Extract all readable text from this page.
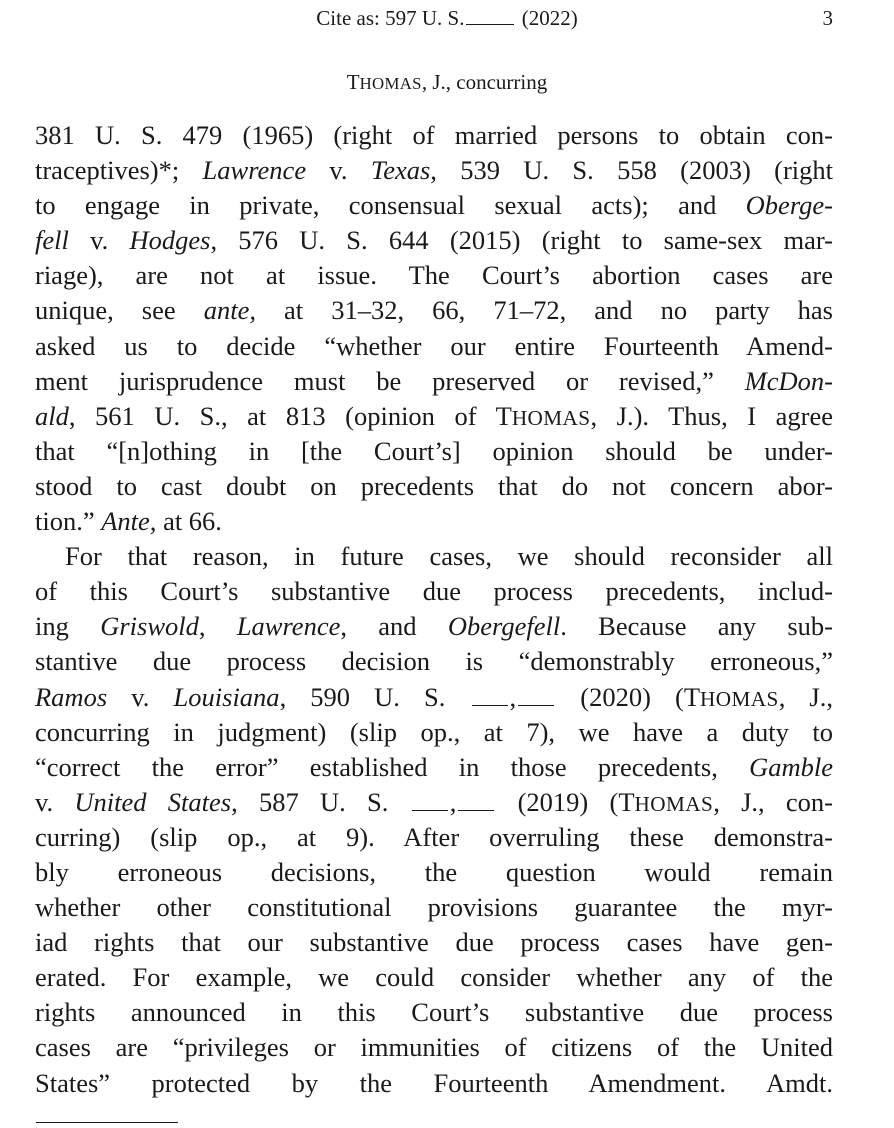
Cite as: 597 U. S.	(2022)	3
THOMAS, J., concurring
381 U. S. 479 (1965) (right of married persons to obtain con-
traceptives)*; Lawrence v. Texas, 539 U. S. 558 (2003) (right
to engage in private, consensual sexual acts); and Oberge-
fell v. Hodges, 576 U. S. 644 (2015) (right to same-sex mar-
riage), are not at issue. The Court’s abortion cases are
unique, see ante, at 31–32, 66, 71–72, and no party has
asked us to decide “whether our entire Fourteenth Amend-
ment jurisprudence must be preserved or revised,” McDon-
ald, 561 U. S., at 813 (opinion of THOMAS, J.). Thus, I agree
that “[n]othing in [the Court’s] opinion should be under-
stood to cast doubt on precedents that do not concern abor-
tion.” Ante, at 66.
For that reason, in future cases, we should reconsider all
of this Court’s substantive due process precedents, includ-
ing Griswold, Lawrence, and Obergefell. Because any sub-
stantive due process decision is “demonstrably erroneous,”
Ramos v. Louisiana, 590 U. S. , (2020) (THOMAS, J.,
concurring in judgment) (slip op., at 7), we have a duty to
“correct the error” established in those precedents, Gamble
v. United States, 587 U. S. , (2019) (THOMAS, J., con-
curring) (slip op., at 9). After overruling these demonstra-
bly erroneous decisions, the question would remain
whether other constitutional provisions guarantee the myr-
iad rights that our substantive due process cases have gen-
erated. For example, we could consider whether any of the
rights announced in this Court’s substantive due process
cases are “privileges or immunities of citizens of the United
States” protected by the Fourteenth Amendment. Amdt.
